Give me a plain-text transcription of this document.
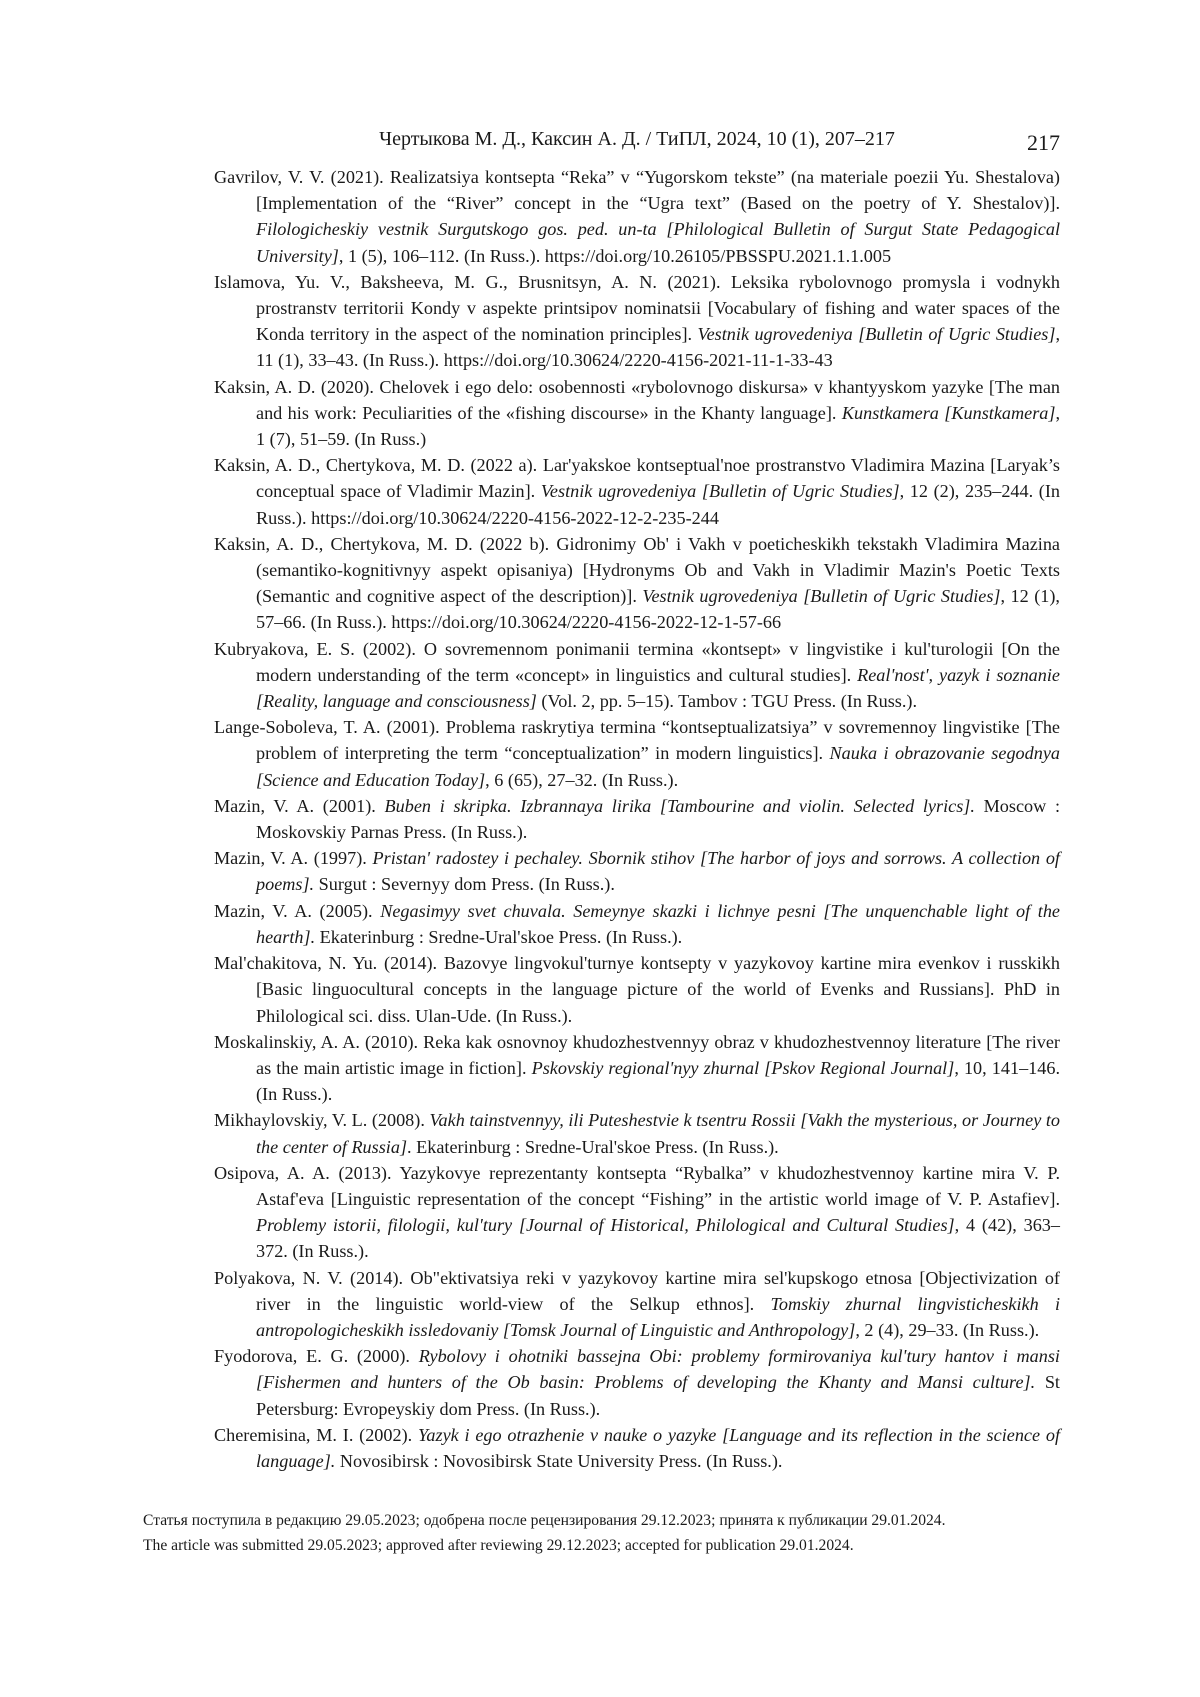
Чертыкова М. Д., Каксин А. Д. / ТиПЛ, 2024, 10 (1), 207–217	217

Gavrilov, V. V. (2021). Realizatsiya kontsepta “Reka” v “Yugorskom tekste” (na materiale poezii Yu. Shestalova) [Implementation of the “River” concept in the “Ugra text” (Based on the poetry of Y. Shestalov)]. Filologicheskiy vestnik Surgutskogo gos. ped. un-ta [Philological Bulletin of Surgut State Pedagogical University], 1 (5), 106–112. (In Russ.). https://doi.org/10.26105/PBSSPU.2021.1.1.005

Islamova, Yu. V., Baksheeva, M. G., Brusnitsyn, A. N. (2021). Leksika rybolovnogo promysla i vodnykh prostranstv territorii Kondy v aspekte printsipov nominatsii [Vocabulary of fishing and water spaces of the Konda territory in the aspect of the nomination principles]. Vestnik ugrovedeniya [Bulletin of Ugric Studies], 11 (1), 33–43. (In Russ.). https://doi.org/10.30624/2220-4156-2021-11-1-33-43

Kaksin, A. D. (2020). Chelovek i ego delo: osobennosti «rybolovnogo diskursa» v khantyyskom yazyke [The man and his work: Peculiarities of the «fishing discourse» in the Khanty language]. Kunstkamera [Kunstkamera], 1 (7), 51–59. (In Russ.)

Kaksin, A. D., Chertykova, M. D. (2022 a). Lar'yakskoe kontseptual'noe prostranstvo Vladimira Mazina [Laryak’s conceptual space of Vladimir Mazin]. Vestnik ugrovedeniya [Bulletin of Ugric Studies], 12 (2), 235–244. (In Russ.). https://doi.org/10.30624/2220-4156-2022-12-2-235-244

Kaksin, A. D., Chertykova, M. D. (2022 b). Gidronimy Ob' i Vakh v poeticheskikh tekstakh Vladimira Mazina (semantiko-kognitivnyy aspekt opisaniya) [Hydronyms Ob and Vakh in Vladimir Mazin's Poetic Texts (Semantic and cognitive aspect of the description)]. Vestnik ugrovedeniya [Bulletin of Ugric Studies], 12 (1), 57–66. (In Russ.). https://doi.org/10.30624/2220-4156-2022-12-1-57-66

Kubryakova, E. S. (2002). O sovremennom ponimanii termina «kontsept» v lingvistike i kul'turologii [On the modern understanding of the term «concept» in linguistics and cultural studies]. Real'nost', yazyk i soznanie [Reality, language and consciousness] (Vol. 2, pp. 5–15). Tambov : TGU Press. (In Russ.).

Lange-Soboleva, T. A. (2001). Problema raskrytiya termina “kontseptualizatsiya” v sovremennoy lingvistike [The problem of interpreting the term “conceptualization” in modern linguistics]. Nauka i obrazovanie segodnya [Science and Education Today], 6 (65), 27–32. (In Russ.).

Mazin, V. A. (2001). Buben i skripka. Izbrannaya lirika [Tambourine and violin. Selected lyrics]. Moscow : Moskovskiy Parnas Press. (In Russ.).

Mazin, V. A. (1997). Pristan' radostey i pechaley. Sbornik stihov [The harbor of joys and sorrows. A collection of poems]. Surgut : Severnyy dom Press. (In Russ.).

Mazin, V. A. (2005). Negasimyy svet chuvala. Semeynye skazki i lichnye pesni [The unquenchable light of the hearth]. Ekaterinburg : Sredne-Ural'skoe Press. (In Russ.).

Mal'chakitova, N. Yu. (2014). Bazovye lingvokul'turnye kontsepty v yazykovoy kartine mira evenkov i russkikh [Basic linguocultural concepts in the language picture of the world of Evenks and Russians]. PhD in Philological sci. diss. Ulan-Ude. (In Russ.).

Moskalinskiy, A. A. (2010). Reka kak osnovnoy khudozhestvennyy obraz v khudozhestvennoy literature [The river as the main artistic image in fiction]. Pskovskiy regional'nyy zhurnal [Pskov Regional Journal], 10, 141–146. (In Russ.).

Mikhaylovskiy, V. L. (2008). Vakh tainstvennyy, ili Puteshestvie k tsentru Rossii [Vakh the mysterious, or Journey to the center of Russia]. Ekaterinburg : Sredne-Ural'skoe Press. (In Russ.).

Osipova, A. A. (2013). Yazykovye reprezentanty kontsepta “Rybalka” v khudozhestvennoy kartine mira V. P. Astaf'eva [Linguistic representation of the concept “Fishing” in the artistic world image of V. P. Astafiev]. Problemy istorii, filologii, kul'tury [Journal of Historical, Philological and Cultural Studies], 4 (42), 363–372. (In Russ.).

Polyakova, N. V. (2014). Ob"ektivatsiya reki v yazykovoy kartine mira sel'kupskogo etnosa [Objectivization of river in the linguistic world-view of the Selkup ethnos]. Tomskiy zhurnal lingvisticheskikh i antropologicheskikh issledovaniy [Tomsk Journal of Linguistic and Anthropology], 2 (4), 29–33. (In Russ.).

Fyodorova, E. G. (2000). Rybolovy i ohotniki bassejna Obi: problemy formirovaniya kul'tury hantov i mansi [Fishermen and hunters of the Ob basin: Problems of developing the Khanty and Mansi culture]. St Petersburg: Evropeyskiy dom Press. (In Russ.).

Cheremisina, M. I. (2002). Yazyk i ego otrazhenie v nauke o yazyke [Language and its reflection in the science of language]. Novosibirsk : Novosibirsk State University Press. (In Russ.).

Статья поступила в редакцию 29.05.2023; одобрена после рецензирования 29.12.2023; принята к публикации 29.01.2024.
The article was submitted 29.05.2023; approved after reviewing 29.12.2023; accepted for publication 29.01.2024.
